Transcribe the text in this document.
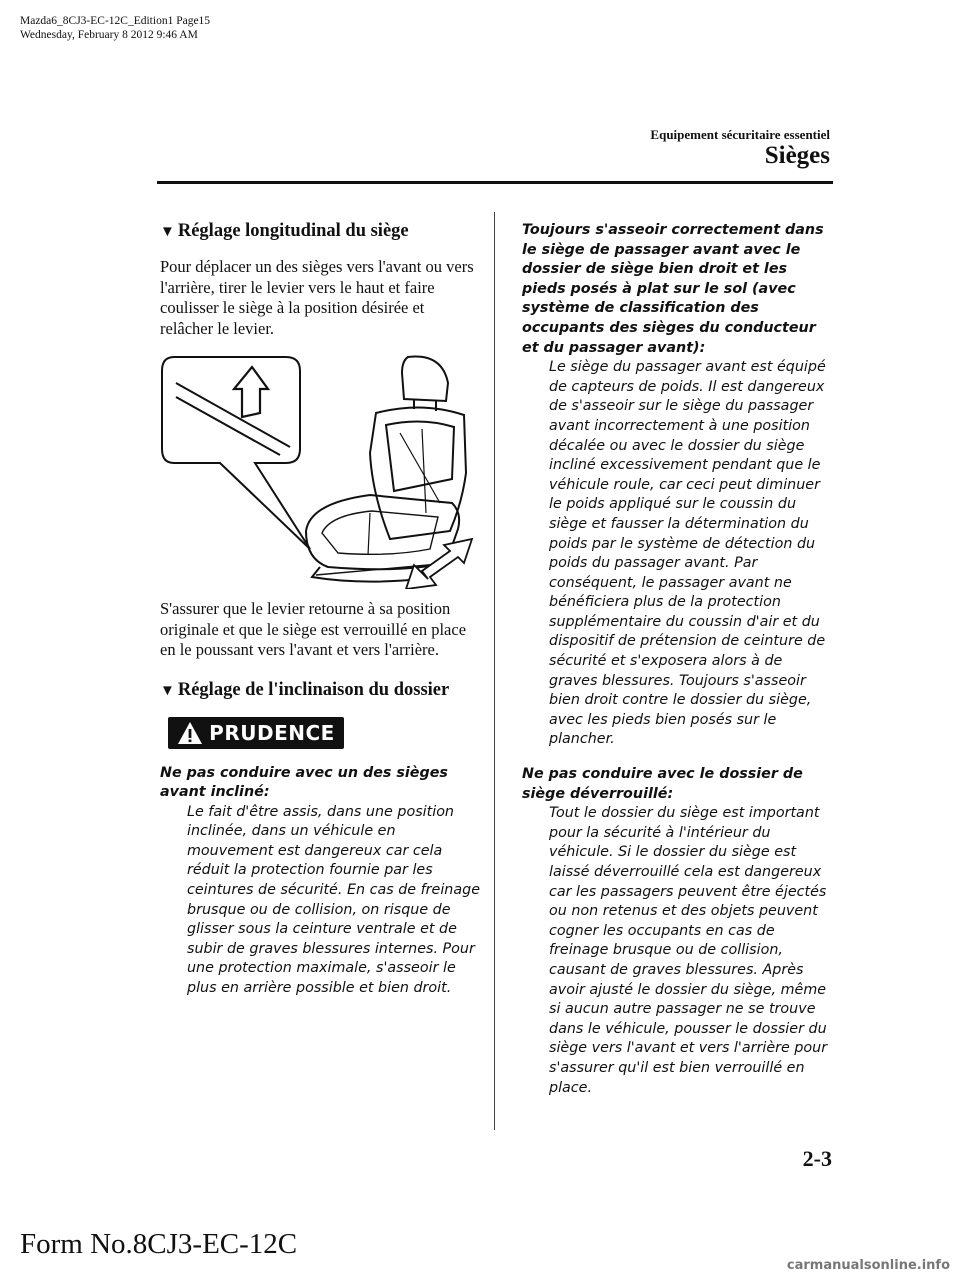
Mazda6_8CJ3-EC-12C_Edition1 Page15
Wednesday, February 8 2012 9:46 AM
Equipement sécuritaire essentiel
Sièges
▼ Réglage longitudinal du siège

Pour déplacer un des sièges vers l'avant ou vers l'arrière, tirer le levier vers le haut et faire coulisser le siège à la position désirée et relâcher le levier.

S'assurer que le levier retourne à sa position originale et que le siège est verrouillé en place en le poussant vers l'avant et vers l'arrière.

▼ Réglage de l'inclinaison du dossier
PRUDENCE

Ne pas conduire avec un des sièges avant incliné:

Le fait d'être assis, dans une position inclinée, dans un véhicule en mouvement est dangereux car cela réduit la protection fournie par les ceintures de sécurité. En cas de freinage brusque ou de collision, on risque de glisser sous la ceinture ventrale et de subir de graves blessures internes. Pour une protection maximale, s'asseoir le plus en arrière possible et bien droit.

Toujours s'asseoir correctement dans le siège de passager avant avec le dossier de siège bien droit et les pieds posés à plat sur le sol (avec système de classification des occupants des sièges du conducteur et du passager avant):

Le siège du passager avant est équipé de capteurs de poids. Il est dangereux de s'asseoir sur le siège du passager avant incorrectement à une position décalée ou avec le dossier du siège incliné excessivement pendant que le véhicule roule, car ceci peut diminuer le poids appliqué sur le coussin du siège et fausser la détermination du poids par le système de détection du poids du passager avant. Par conséquent, le passager avant ne bénéficiera plus de la protection supplémentaire du coussin d'air et du dispositif de prétension de ceinture de sécurité et s'exposera alors à de graves blessures. Toujours s'asseoir bien droit contre le dossier du siège, avec les pieds bien posés sur le plancher.

Ne pas conduire avec le dossier de siège déverrouillé:

Tout le dossier du siège est important pour la sécurité à l'intérieur du véhicule. Si le dossier du siège est laissé déverrouillé cela est dangereux car les passagers peuvent être éjectés ou non retenus et des objets peuvent cogner les occupants en cas de freinage brusque ou de collision, causant de graves blessures. Après avoir ajusté le dossier du siège, même si aucun autre passager ne se trouve dans le véhicule, pousser le dossier du siège vers l'avant et vers l'arrière pour s'assurer qu'il est bien verrouillé en place.

2-3
Form No.8CJ3-EC-12C
carmanualsonline.info
